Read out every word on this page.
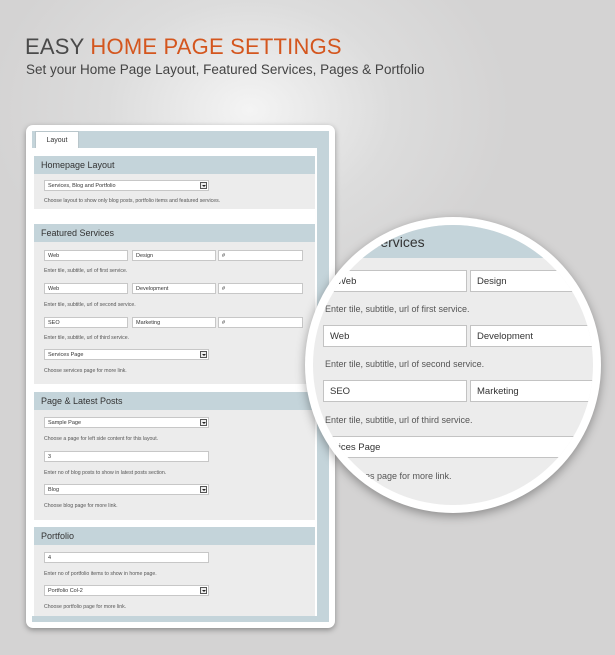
EASY HOME PAGE SETTINGS
Set your Home Page Layout, Featured Services, Pages & Portfolio
Layout
Homepage Layout
Services, Blog and Portfolio
Choose layout to show only blog posts, portfolio items and featured services.
Featured Services
Web	Design	#
Enter tile, subtitle, url of first service.
Web	Development	#
Enter tile, subtitle, url of second service.
SEO	Marketing	#
Enter tile, subtitle, url of third service.
Services Page
Choose services page for more link.
Page & Latest Posts
Sample Page
Choose a page for left side content for this layout.
3
Enter no of blog posts to show in latest posts section.
Blog
Choose blog page for more link.
Portfolio
4
Enter no of portfolio items to show in home page.
Portfolio Col-2
Choose portfolio page for more link.
Services
Web	Design
Enter tile, subtitle, url of first service.
Web	Development
Enter tile, subtitle, url of second service.
SEO	Marketing
Enter tile, subtitle, url of third service.
vices Page
vices page for more link.
